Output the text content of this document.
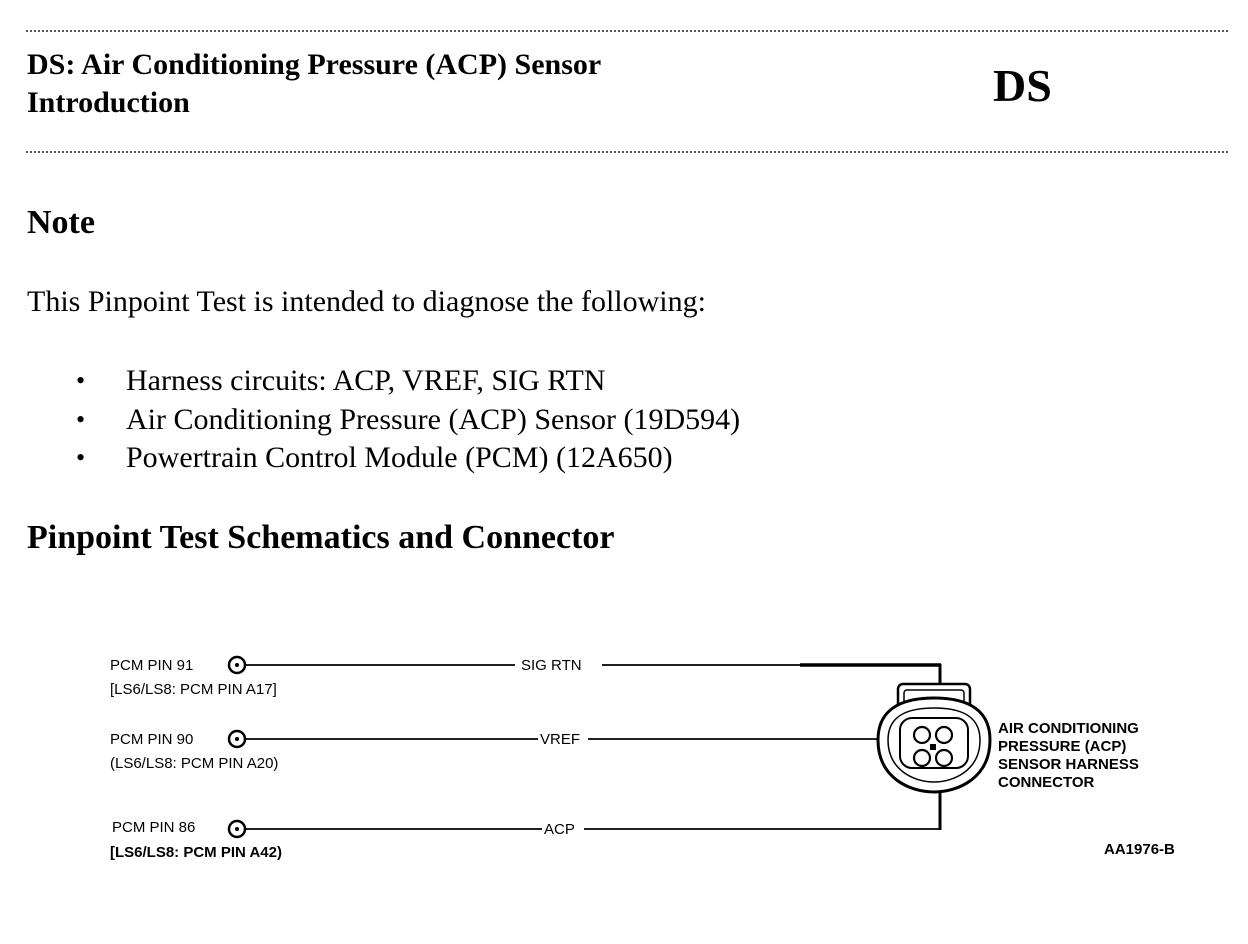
DS: Air Conditioning Pressure (ACP) Sensor
Introduction	DS
Note
This Pinpoint Test is intended to diagnose the following:
• Harness circuits: ACP, VREF, SIG RTN
• Air Conditioning Pressure (ACP) Sensor (19D594)
• Powertrain Control Module (PCM) (12A650)
Pinpoint Test Schematics and Connector
PCM PIN 91
[LS6/LS8: PCM PIN A17]
SIG RTN
PCM PIN 90
(LS6/LS8: PCM PIN A20)
VREF
PCM PIN 86
[LS6/LS8: PCM PIN A42)
ACP
AIR CONDITIONING
PRESSURE (ACP)
SENSOR HARNESS
CONNECTOR
AA1976-B
